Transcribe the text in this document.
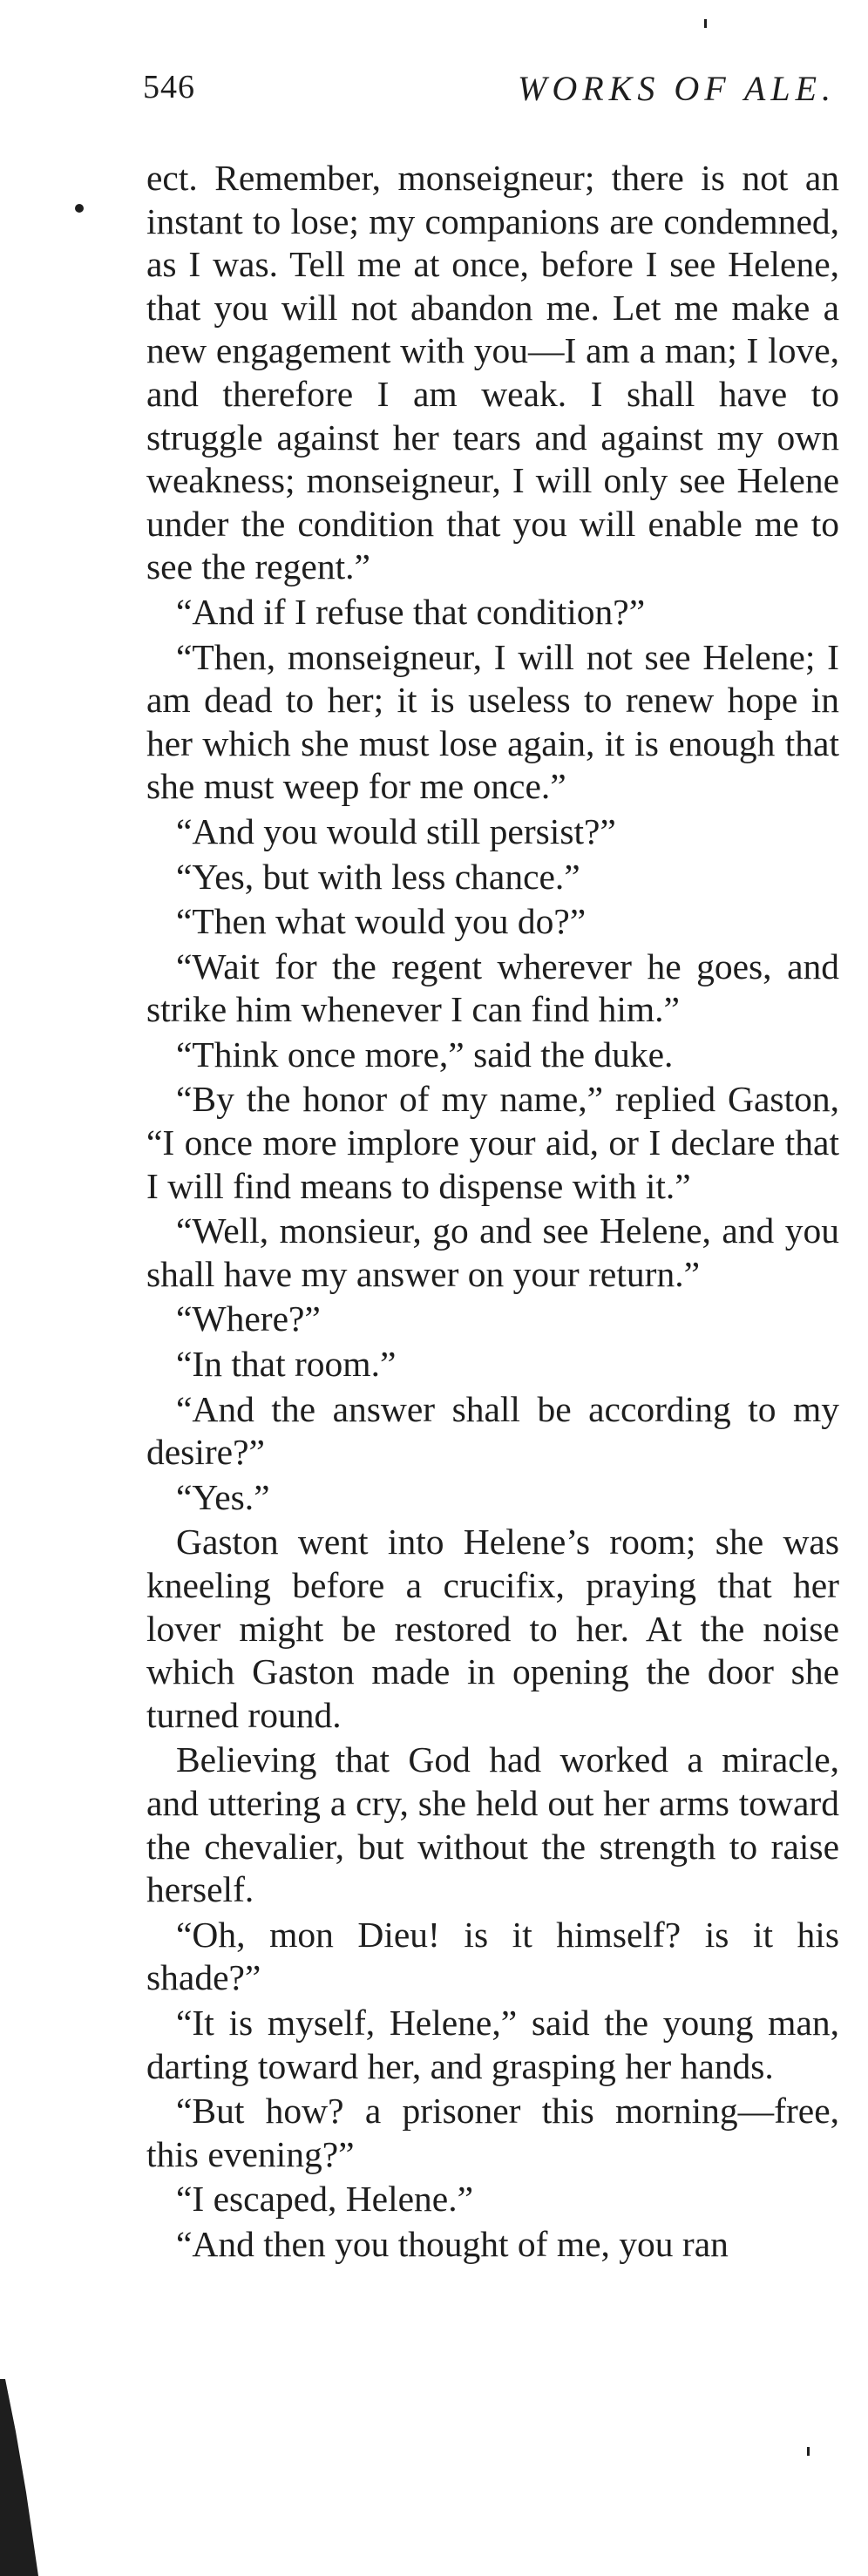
546	WORKS OF ALE.

ect. Remember, monseigneur; there is not an instant to lose; my companions are condemned, as I was. Tell me at once, before I see Helene, that you will not abandon me. Let me make a new engagement with you—I am a man; I love, and therefore I am weak. I shall have to struggle against her tears and against my own weakness; monseigneur, I will only see Helene under the condition that you will enable me to see the regent.”

“And if I refuse that condition?”

“Then, monseigneur, I will not see Helene; I am dead to her; it is useless to renew hope in her which she must lose again, it is enough that she must weep for me once.”

“And you would still persist?”

“Yes, but with less chance.”

“Then what would you do?”

“Wait for the regent wherever he goes, and strike him whenever I can find him.”

“Think once more,” said the duke.

“By the honor of my name,” replied Gaston, “I once more implore your aid, or I declare that I will find means to dispense with it.”

“Well, monsieur, go and see Helene, and you shall have my answer on your return.”

“Where?”

“In that room.”

“And the answer shall be according to my desire?”

“Yes.”

Gaston went into Helene’s room; she was kneeling before a crucifix, praying that her lover might be restored to her. At the noise which Gaston made in opening the door she turned round.

Believing that God had worked a miracle, and uttering a cry, she held out her arms toward the chevalier, but without the strength to raise herself.

“Oh, mon Dieu! is it himself? is it his shade?”

“It is myself, Helene,” said the young man, darting toward her, and grasping her hands.

“But how? a prisoner this morning—free, this evening?”

“I escaped, Helene.”

“And then you thought of me, you ran
